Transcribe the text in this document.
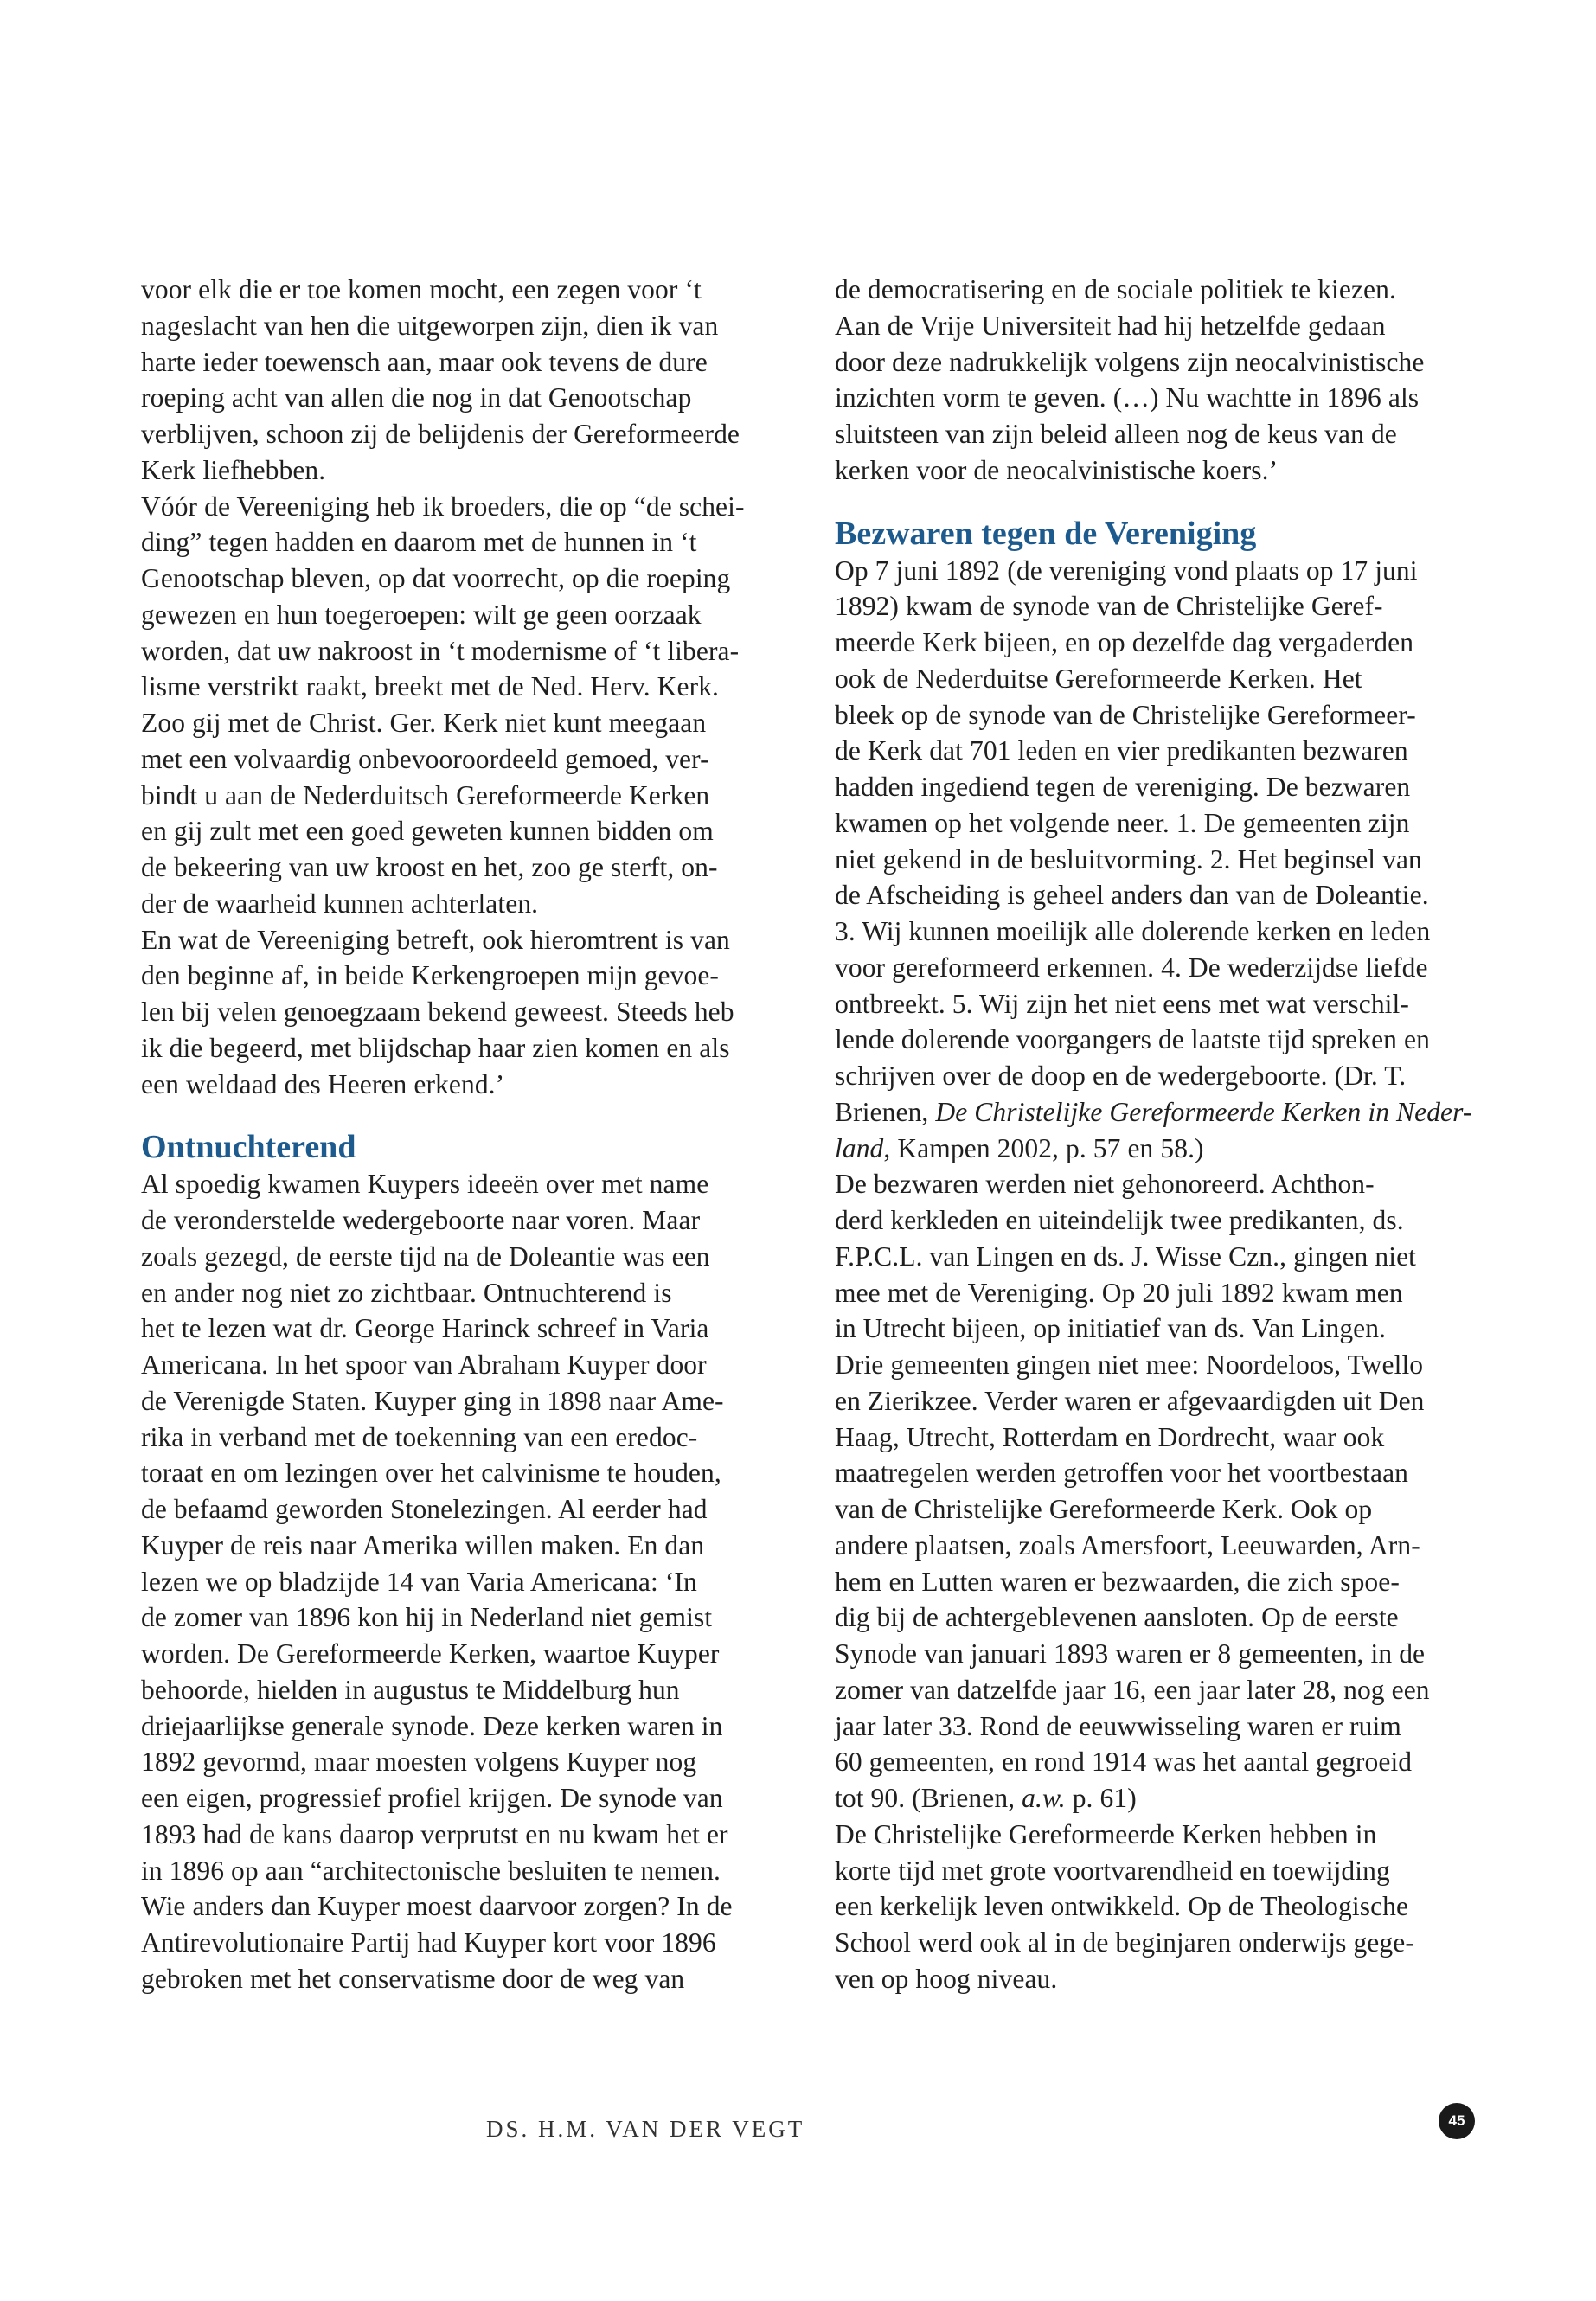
voor elk die er toe komen mocht, een zegen voor ‘t
nageslacht van hen die uitgeworpen zijn, dien ik van
harte ieder toewensch aan, maar ook tevens de dure
roeping acht van allen die nog in dat Genootschap
verblijven, schoon zij de belijdenis der Gereformeerde
Kerk liefhebben.
Vóór de Vereeniging heb ik broeders, die op “de schei-
ding” tegen hadden en daarom met de hunnen in ‘t
Genootschap bleven, op dat voorrecht, op die roeping
gewezen en hun toegeroepen: wilt ge geen oorzaak
worden, dat uw nakroost in ‘t modernisme of ‘t libera-
lisme verstrikt raakt, breekt met de Ned. Herv. Kerk.
Zoo gij met de Christ. Ger. Kerk niet kunt meegaan
met een volvaardig onbevooroordeeld gemoed, ver-
bindt u aan de Nederduitsch Gereformeerde Kerken
en gij zult met een goed geweten kunnen bidden om
de bekeering van uw kroost en het, zoo ge sterft, on-
der de waarheid kunnen achterlaten.
En wat de Vereeniging betreft, ook hieromtrent is van
den beginne af, in beide Kerkengroepen mijn gevoe-
len bij velen genoegzaam bekend geweest. Steeds heb
ik die begeerd, met blijdschap haar zien komen en als
een weldaad des Heeren erkend.’
Ontnuchterend
Al spoedig kwamen Kuypers ideeën over met name
de veronderstelde wedergeboorte naar voren. Maar
zoals gezegd, de eerste tijd na de Doleantie was een
en ander nog niet zo zichtbaar. Ontnuchterend is
het te lezen wat dr. George Harinck schreef in Varia
Americana. In het spoor van Abraham Kuyper door
de Verenigde Staten. Kuyper ging in 1898 naar Ame-
rika in verband met de toekenning van een eredoc-
toraat en om lezingen over het calvinisme te houden,
de befaamd geworden Stonelezingen. Al eerder had
Kuyper de reis naar Amerika willen maken. En dan
lezen we op bladzijde 14 van Varia Americana: ‘In
de zomer van 1896 kon hij in Nederland niet gemist
worden. De Gereformeerde Kerken, waartoe Kuyper
behoorde, hielden in augustus te Middelburg hun
driejaarlijkse generale synode. Deze kerken waren in
1892 gevormd, maar moesten volgens Kuyper nog
een eigen, progressief profiel krijgen. De synode van
1893 had de kans daarop verprutst en nu kwam het er
in 1896 op aan “architectonische besluiten te nemen.
Wie anders dan Kuyper moest daarvoor zorgen? In de
Antirevolutionaire Partij had Kuyper kort voor 1896
gebroken met het conservatisme door de weg van
de democratisering en de sociale politiek te kiezen.
Aan de Vrije Universiteit had hij hetzelfde gedaan
door deze nadrukkelijk volgens zijn neocalvinistische
inzichten vorm te geven. (…) Nu wachtte in 1896 als
sluitsteen van zijn beleid alleen nog de keus van de
kerken voor de neocalvinistische koers.’
Bezwaren tegen de Vereniging
Op 7 juni 1892 (de vereniging vond plaats op 17 juni
1892) kwam de synode van de Christelijke Geref-
meerde Kerk bijeen, en op dezelfde dag vergaderden
ook de Nederduitse Gereformeerde Kerken. Het
bleek op de synode van de Christelijke Gereformeer-
de Kerk dat 701 leden en vier predikanten bezwaren
hadden ingediend tegen de vereniging. De bezwaren
kwamen op het volgende neer. 1. De gemeenten zijn
niet gekend in de besluitvorming. 2. Het beginsel van
de Afscheiding is geheel anders dan van de Doleantie.
3. Wij kunnen moeilijk alle dolerende kerken en leden
voor gereformeerd erkennen. 4. De wederzijdse liefde
ontbreekt. 5. Wij zijn het niet eens met wat verschil-
lende dolerende voorgangers de laatste tijd spreken en
schrijven over de doop en de wedergeboorte. (Dr. T.
Brienen, De Christelijke Gereformeerde Kerken in Neder-
land, Kampen 2002, p. 57 en 58.)
De bezwaren werden niet gehonoreerd. Achthon-
derd kerkleden en uiteindelijk twee predikanten, ds.
F.P.C.L. van Lingen en ds. J. Wisse Czn., gingen niet
mee met de Vereniging. Op 20 juli 1892 kwam men
in Utrecht bijeen, op initiatief van ds. Van Lingen.
Drie gemeenten gingen niet mee: Noordeloos, Twello
en Zierikzee. Verder waren er afgevaardigden uit Den
Haag, Utrecht, Rotterdam en Dordrecht, waar ook
maatregelen werden getroffen voor het voortbestaan
van de Christelijke Gereformeerde Kerk. Ook op
andere plaatsen, zoals Amersfoort, Leeuwarden, Arn-
hem en Lutten waren er bezwaarden, die zich spoe-
dig bij de achtergeblevenen aansloten. Op de eerste
Synode van januari 1893 waren er 8 gemeenten, in de
zomer van datzelfde jaar 16, een jaar later 28, nog een
jaar later 33. Rond de eeuwwisseling waren er ruim
60 gemeenten, en rond 1914 was het aantal gegroeid
tot 90. (Brienen, a.w. p. 61)
De Christelijke Gereformeerde Kerken hebben in
korte tijd met grote voortvarendheid en toewijding
een kerkelijk leven ontwikkeld. Op de Theologische
School werd ook al in de beginjaren onderwijs gege-
ven op hoog niveau.
DS. H.M. VAN DER VEGT	45
